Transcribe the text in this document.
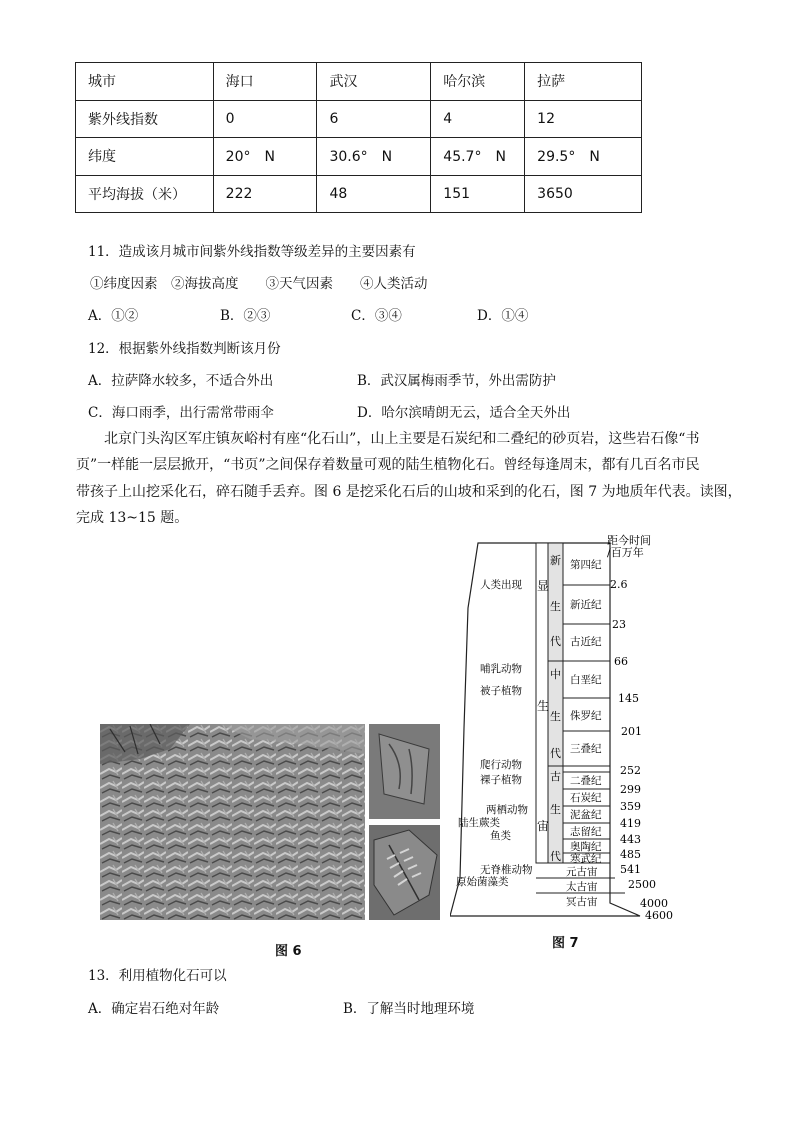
城市	海口	武汉	哈尔滨	拉萨
紫外线指数	0	6	4	12
纬度	20°　N	30.6°　N	45.7°　N	29.5°　N
平均海拔（米）	222	48	151	3650
11．造成该月城市间紫外线指数等级差异的主要因素有
①纬度因素　②海拔高度　　③天气因素　　④人类活动
A．①②	B．②③	C．③④	D．①④
12．根据紫外线指数判断该月份
A．拉萨降水较多，不适合外出	B．武汉属梅雨季节，外出需防护
C．海口雨季，出行需常带雨伞	D．哈尔滨晴朗无云，适合全天外出
北京门头沟区军庄镇灰峪村有座“化石山”，山上主要是石炭纪和二叠纪的砂页岩，这些岩石像“书
页”一样能一层层掀开，“书页”之间保存着数量可观的陆生植物化石。曾经每逢周末，都有几百名市民
带孩子上山挖采化石，碎石随手丢弃。图 6 是挖采化石后的山坡和采到的化石，图 7 为地质年代表。读图，
完成 13~15 题。
图 6
距今时间
/百万年
显
生
宙
新
生
代
中
生
代
古
生
代
第四纪
新近纪
古近纪
白垩纪
侏罗纪
三叠纪
二叠纪
石炭纪
泥盆纪
志留纪
奥陶纪
寒武纪
元古宙
太古宙
冥古宙
2.6
23
66
145
201
252
299
359
419
443
485
541
2500
4000
4600
人类出现
哺乳动物
被子植物
爬行动物
裸子植物
两栖动物
陆生蕨类
鱼类
无脊椎动物
原始菌藻类
图 7
13．利用植物化石可以
A．确定岩石绝对年龄	B．了解当时地理环境
